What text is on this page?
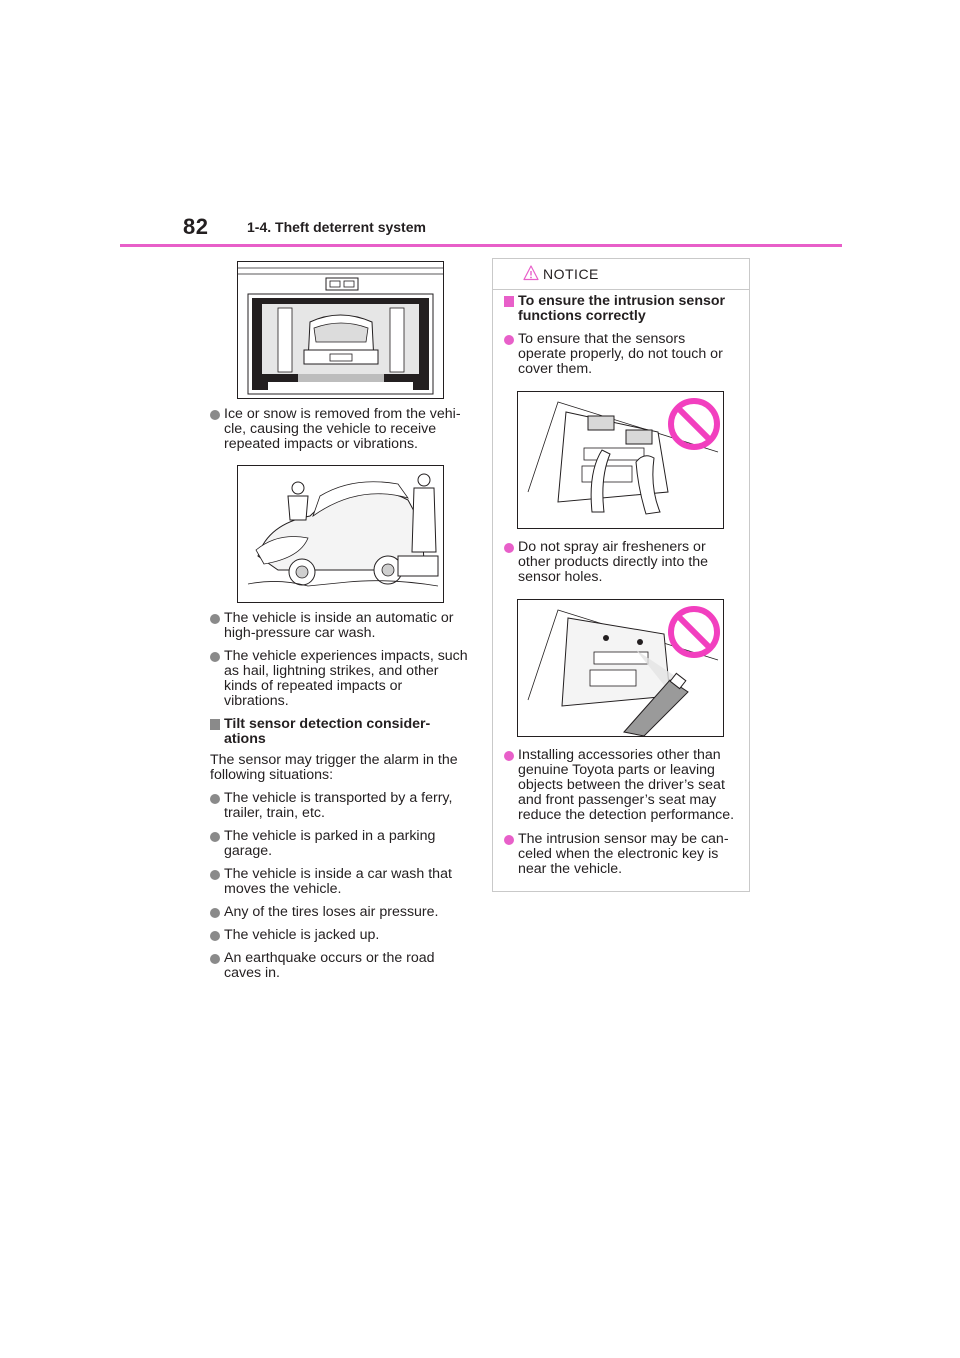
82	1-4. Theft deterrent system
Ice or snow is removed from the vehi-cle, causing the vehicle to receive repeated impacts or vibrations.
The vehicle is inside an automatic or high-pressure car wash.
The vehicle experiences impacts, such as hail, lightning strikes, and other kinds of repeated impacts or vibrations.
Tilt sensor detection consider-ations

The sensor may trigger the alarm in the following situations:

The vehicle is transported by a ferry, trailer, train, etc.
The vehicle is parked in a parking garage.
The vehicle is inside a car wash that moves the vehicle.
Any of the tires loses air pressure.
The vehicle is jacked up.
An earthquake occurs or the road caves in.
NOTICE
To ensure the intrusion sensor functions correctly
To ensure that the sensors operate properly, do not touch or cover them.
Do not spray air fresheners or other products directly into the sensor holes.
Installing accessories other than genuine Toyota parts or leaving objects between the driver’s seat and front passenger’s seat may reduce the detection performance.
The intrusion sensor may be can-celed when the electronic key is near the vehicle.
